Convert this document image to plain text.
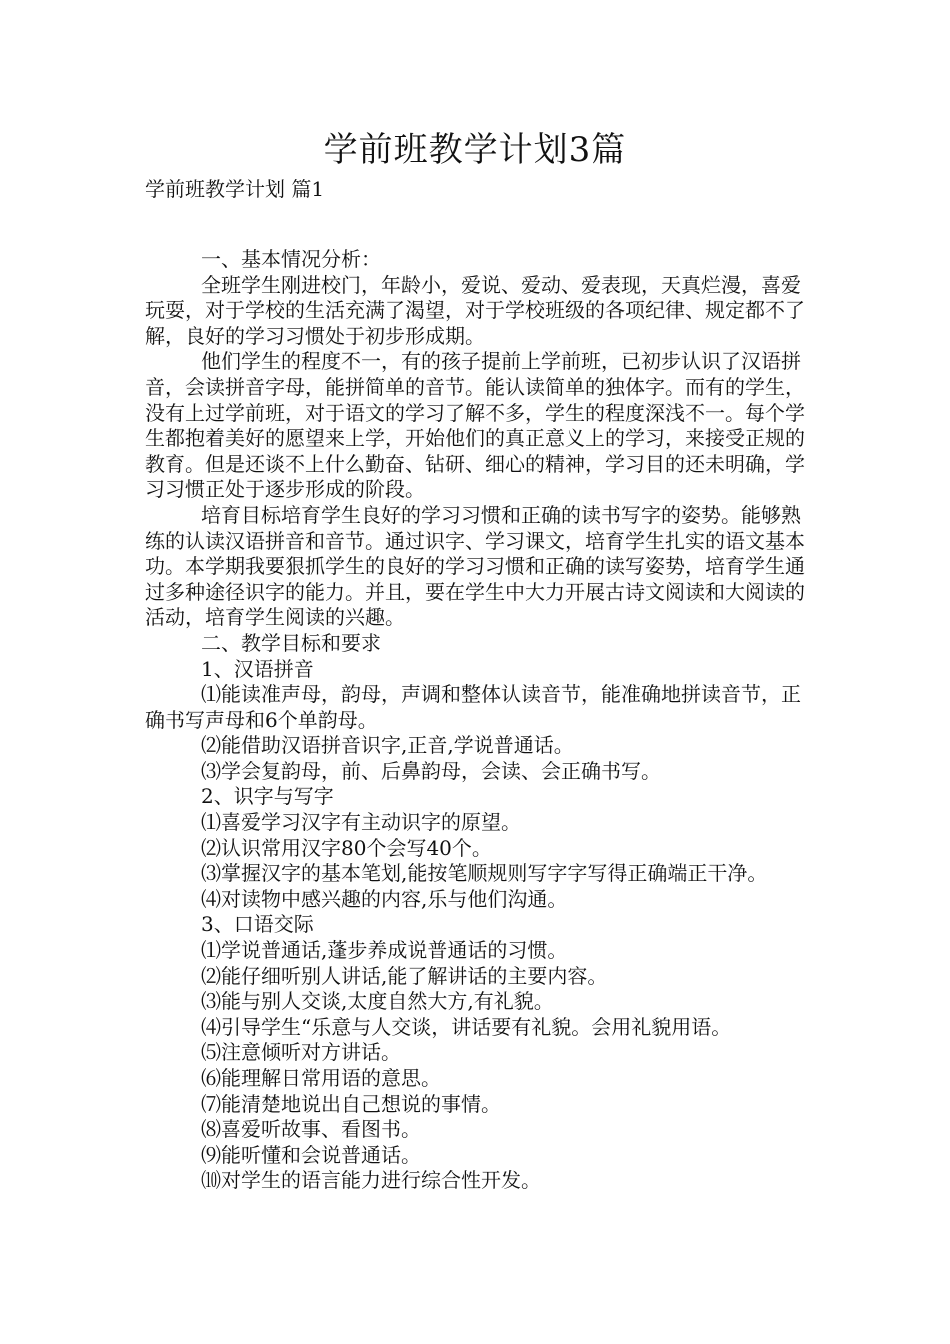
学前班教学计划3篇
学前班教学计划 篇1

一、基本情况分析：

全班学生刚进校门，年龄小，爱说、爱动、爱表现，天真烂漫，喜爱玩耍，对于学校的生活充满了渴望，对于学校班级的各项纪律、规定都不了解，良好的学习习惯处于初步形成期。

他们学生的程度不一，有的孩子提前上学前班，已初步认识了汉语拼音，会读拼音字母，能拼简单的音节。能认读简单的独体字。而有的学生，没有上过学前班，对于语文的学习了解不多，学生的程度深浅不一。每个学生都抱着美好的愿望来上学，开始他们的真正意义上的学习，来接受正规的教育。但是还谈不上什么勤奋、钻研、细心的精神，学习目的还未明确，学习习惯正处于逐步形成的阶段。

培育目标培育学生良好的学习习惯和正确的读书写字的姿势。能够熟练的认读汉语拼音和音节。通过识字、学习课文，培育学生扎实的语文基本功。本学期我要狠抓学生的良好的学习习惯和正确的读写姿势，培育学生通过多种途径识字的能力。并且，要在学生中大力开展古诗文阅读和大阅读的活动，培育学生阅读的兴趣。

二、教学目标和要求

1、汉语拼音

⑴能读准声母，韵母，声调和整体认读音节，能准确地拼读音节，正确书写声母和6个单韵母。

⑵能借助汉语拼音识字,正音,学说普通话。

⑶学会复韵母，前、后鼻韵母，会读、会正确书写。

2、识字与写字

⑴喜爱学习汉字有主动识字的原望。

⑵认识常用汉字80个会写40个。

⑶掌握汉字的基本笔划,能按笔顺规则写字字写得正确端正干净。

⑷对读物中感兴趣的内容,乐与他们沟通。

3、口语交际

⑴学说普通话,蓬步养成说普通话的习惯。

⑵能仔细听别人讲话,能了解讲话的主要内容。

⑶能与别人交谈,太度自然大方,有礼貌。

⑷引导学生“乐意与人交谈，讲话要有礼貌。会用礼貌用语。

⑸注意倾听对方讲话。

⑹能理解日常用语的意思。

⑺能清楚地说出自己想说的事情。

⑻喜爱听故事、看图书。

⑼能听懂和会说普通话。

⑽对学生的语言能力进行综合性开发。
